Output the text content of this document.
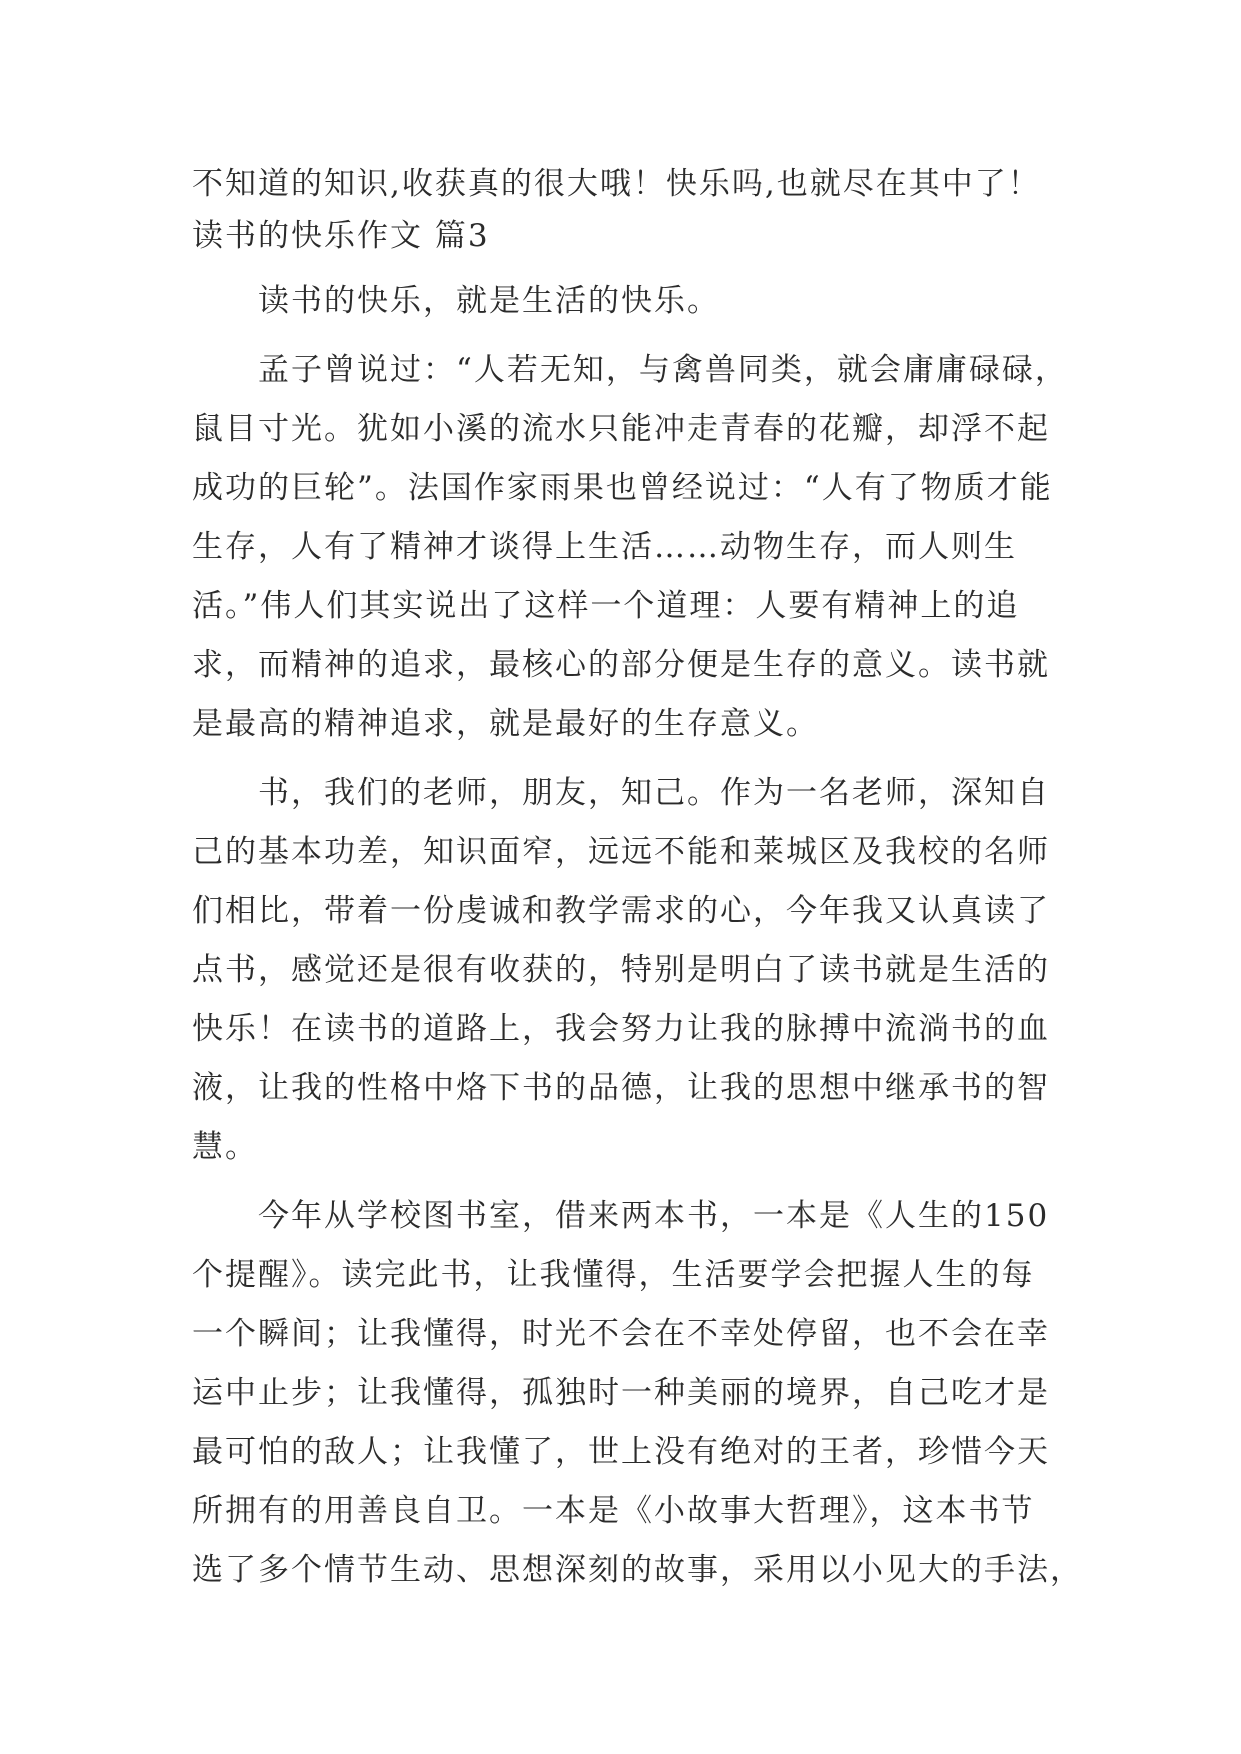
不知道的知识,收获真的很大哦！快乐吗,也就尽在其中了！
读书的快乐作文 篇3
读书的快乐，就是生活的快乐。
孟子曾说过：“人若无知，与禽兽同类，就会庸庸碌碌，
鼠目寸光。犹如小溪的流水只能冲走青春的花瓣，却浮不起
成功的巨轮”。法国作家雨果也曾经说过：“人有了物质才能
生存，人有了精神才谈得上生活……动物生存，而人则生
活。”伟人们其实说出了这样一个道理：人要有精神上的追
求，而精神的追求，最核心的部分便是生存的意义。读书就
是最高的精神追求，就是最好的生存意义。
书，我们的老师，朋友，知己。作为一名老师，深知自
己的基本功差，知识面窄，远远不能和莱城区及我校的名师
们相比，带着一份虔诚和教学需求的心，今年我又认真读了
点书，感觉还是很有收获的，特别是明白了读书就是生活的
快乐！在读书的道路上，我会努力让我的脉搏中流淌书的血
液，让我的性格中烙下书的品德，让我的思想中继承书的智
慧。
今年从学校图书室，借来两本书，一本是《人生的150
个提醒》。读完此书，让我懂得，生活要学会把握人生的每
一个瞬间；让我懂得，时光不会在不幸处停留，也不会在幸
运中止步；让我懂得，孤独时一种美丽的境界，自己吃才是
最可怕的敌人；让我懂了，世上没有绝对的王者，珍惜今天
所拥有的用善良自卫。一本是《小故事大哲理》，这本书节
选了多个情节生动、思想深刻的故事，采用以小见大的手法，
